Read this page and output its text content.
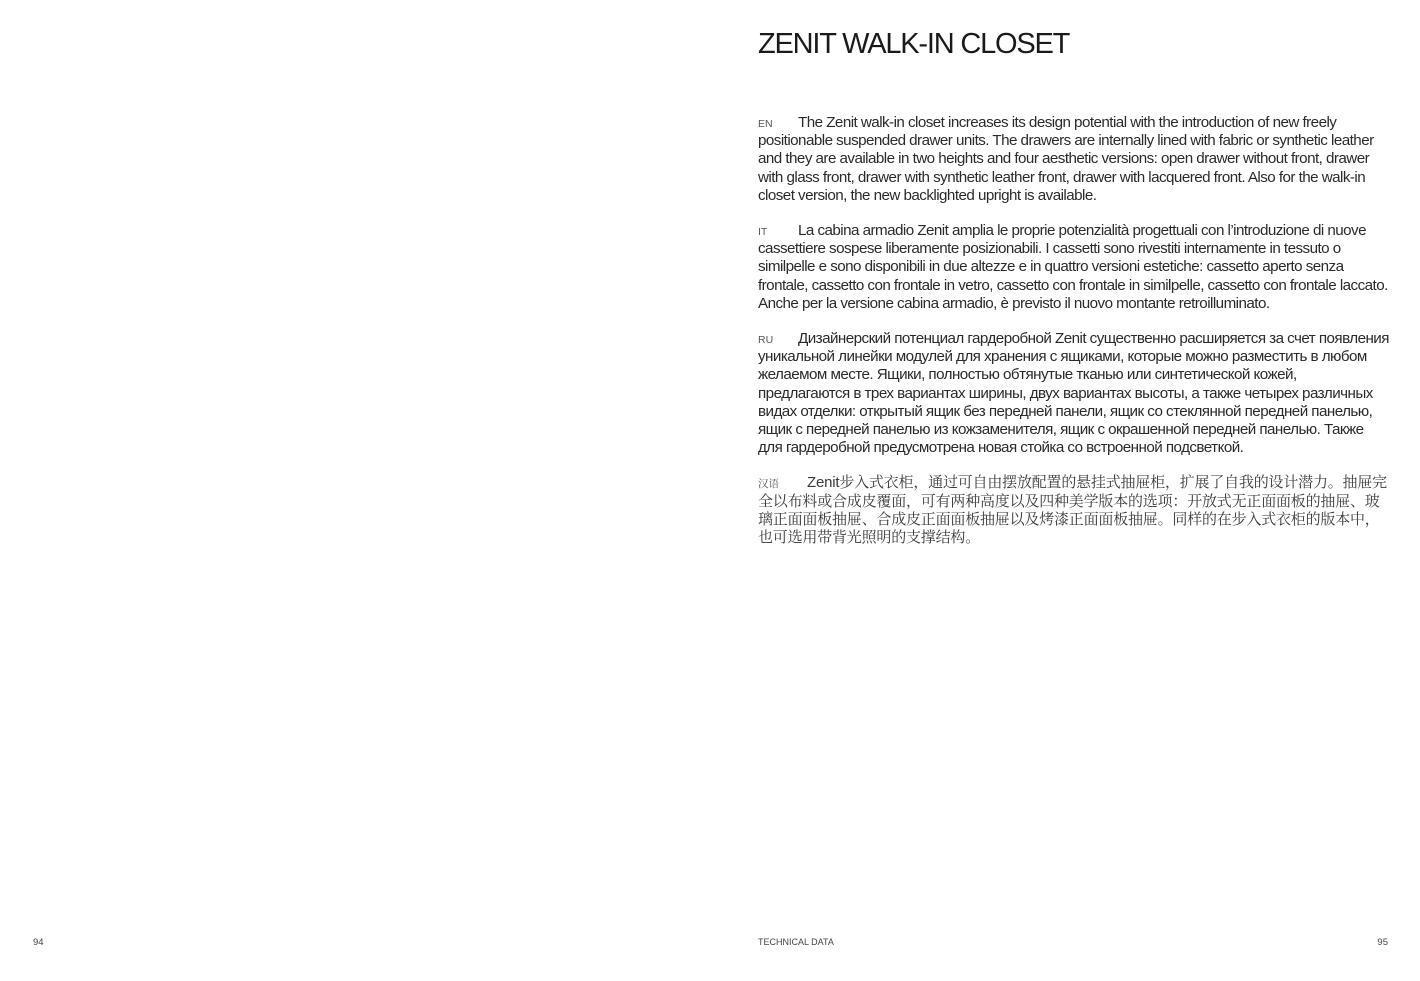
94
ZENIT WALK-IN CLOSET

EN The Zenit walk-in closet increases its design potential with the introduction of new freely positionable suspended drawer units. The drawers are internally lined with fabric or synthetic leather and they are available in two heights and four aesthetic versions: open drawer without front, drawer with glass front, drawer with synthetic leather front, drawer with lacquered front. Also for the walk-in closet version, the new backlighted upright is available.

IT La cabina armadio Zenit amplia le proprie potenzialità progettuali con l’introduzione di nuove cassettiere sospese liberamente posizionabili. I cassetti sono rivestiti internamente in tessuto o similpelle e sono disponibili in due altezze e in quattro versioni estetiche: cassetto aperto senza frontale, cassetto con frontale in vetro, cassetto con frontale in similpelle, cassetto con frontale laccato. Anche per la versione cabina armadio, è previsto il nuovo montante retroilluminato.

RU Дизайнерский потенциал гардеробной Zenit существенно расширяется за счет появления уникальной линейки модулей для хранения с ящиками, которые можно разместить в любом желаемом месте. Ящики, полностью обтянутые тканью или синтетической кожей, предлагаются в трех вариантах ширины, двух вариантах высоты, а также четырех различных видах отделки: открытый ящик без передней панели, ящик со стеклянной передней панелью, ящик с передней панелью из кожзаменителя, ящик с окрашенной передней панелью. Также для гардеробной предусмотрена новая стойка со встроенной подсветкой.

汉语 Zenit步入式衣柜，通过可自由摆放配置的悬挂式抽屉柜，扩展了自我的设计潜力。抽屉完全以布料或合成皮覆面，可有两种高度以及四种美学版本的选项：开放式无正面面板的抽屉、玻璃正面面板抽屉、合成皮正面面板抽屉以及烤漆正面面板抽屉。同样的在步入式衣柜的版本中，也可选用带背光照明的支撑结构。

TECHNICAL DATA	95
